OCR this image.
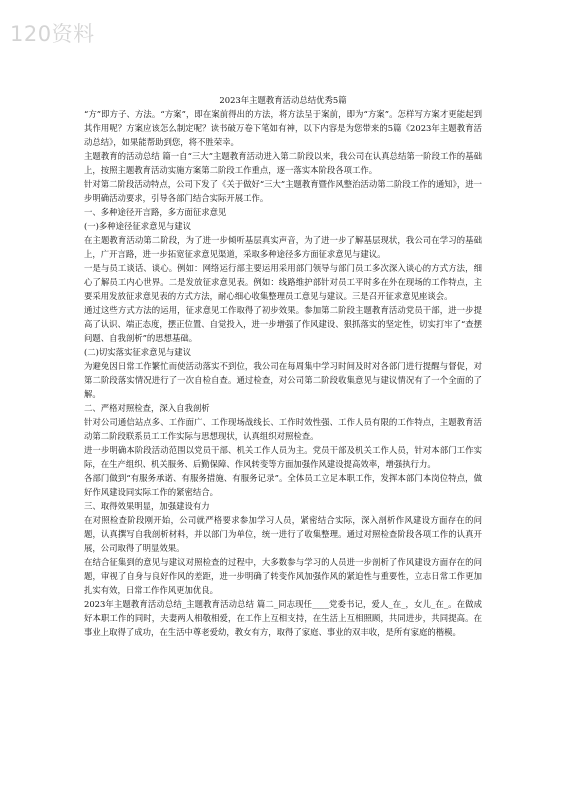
120资料
2023年主题教育活动总结优秀5篇

“方”即方子、方法。“方案”，即在案前得出的方法，将方法呈于案前，即为“方案”。怎样写方案才更能起到其作用呢？方案应该怎么制定呢？读书破万卷下笔如有神，以下内容是为您带来的5篇《2023年主题教育活动总结》，如果能帮助到您，将不胜荣幸。

主题教育的活动总结 篇一自“三大”主题教育活动进入第二阶段以来，我公司在认真总结第一阶段工作的基础上，按照主题教育活动实施方案第二阶段工作重点，逐一落实本阶段各项工作。

针对第二阶段活动特点，公司下发了《关于做好“三大”主题教育暨作风整治活动第二阶段工作的通知》，进一步明确活动要求，引导各部门结合实际开展工作。

一、多种途径开言路，多方面征求意见

(一)多种途径征求意见与建议

在主题教育活动第二阶段，为了进一步倾听基层真实声音，为了进一步了解基层现状，我公司在学习的基础上，广开言路，进一步拓宽征求意见渠道，采取多种途径多方面征求意见与建议。

一是与员工谈话、谈心。例如：网络运行部主要运用采用部门领导与部门员工多次深入谈心的方式方法，细心了解员工内心世界。二是发放征求意见表。例如：线路维护部针对员工平时多在外在现场的工作特点，主要采用发放征求意见表的方式方法，耐心细心收集整理员工意见与建议。三是召开征求意见座谈会。

通过这些方式方法的运用，征求意见工作取得了初步效果。参加第二阶段主题教育活动党员干部，进一步提高了认识、端正态度，摆正位置、自觉投入，进一步增强了作风建设、狠抓落实的坚定性，切实打牢了“查摆问题、自我剖析”的思想基础。

(二)切实落实征求意见与建议

为避免因日常工作繁忙而使活动落实不到位，我公司在每周集中学习时间及时对各部门进行提醒与督促，对第二阶段落实情况进行了一次自检自查。通过检查，对公司第二阶段收集意见与建议情况有了一个全面的了解。

二、严格对照检查，深入自我剖析

针对公司通信站点多、工作面广、工作现场战线长、工作时效性强、工作人员有限的工作特点，主题教育活动第二阶段联系员工工作实际与思想现状，认真组织对照检查。

进一步明确本阶段活动范围以党员干部、机关工作人员为主。党员干部及机关工作人员，针对本部门工作实际，在生产组织、机关服务、后勤保障、作风转变等方面加强作风建设提高效率，增强执行力。

各部门做到“有服务承诺、有服务措施、有服务记录”。全体员工立足本职工作，发挥本部门本岗位特点，做好作风建设同实际工作的紧密结合。

三、取得效果明显，加强建设有力

在对照检查阶段刚开始，公司就严格要求参加学习人员，紧密结合实际，深入剖析作风建设方面存在的问题，认真撰写自我剖析材料，并以部门为单位，统一进行了收集整理。通过对照检查阶段各项工作的认真开展，公司取得了明显效果。

在结合征集到的意见与建议对照检查的过程中，大多数参与学习的人员进一步剖析了作风建设方面存在的问题，审视了自身与良好作风的差距，进一步明确了转变作风加强作风的紧迫性与重要性，立志日常工作更加扎实有效，日常工作作风更加优良。

2023年主题教育活动总结_主题教育活动总结 篇二_同志现任____党委书记，爱人_在_，女儿_在_。在做成好本职工作的同时，夫妻两人相敬相爱，在工作上互相支持，在生活上互相照顾，共同进步，共同提高。在事业上取得了成功，在生活中尊老爱幼，教女有方，取得了家庭、事业的双丰收，是所有家庭的楷模。
